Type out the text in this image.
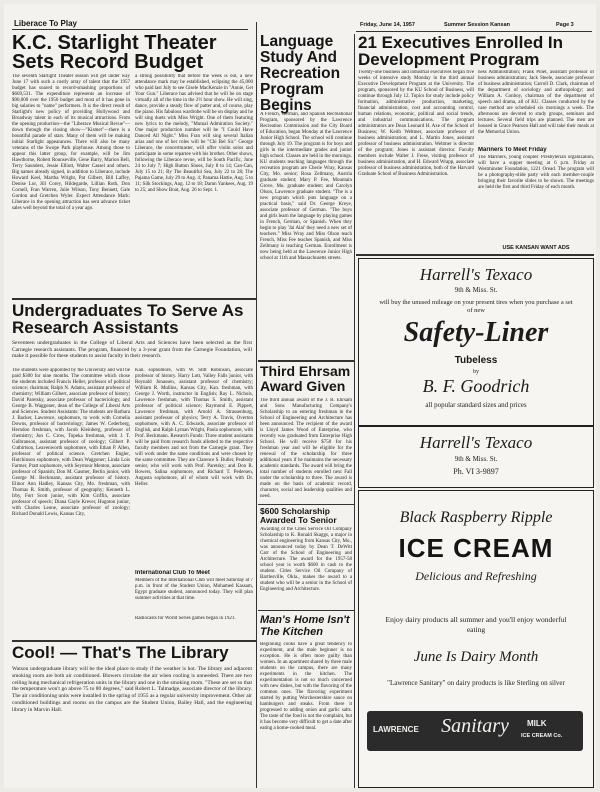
Liberace To Play	Friday, June 14, 1957	Summer Session Kansan	Page 3
K.C. Starlight Theater Sets Record Budget
The seventh Starlight Theater season will get under way June 17 with such a costly array of talent that the 1957 budget has soared to record-smashing proportions of $669,531. The expenditure represents an increase of $90,000 over the 1956 budget and most of it has gone in big salaries to "name" performers. It is the direct result of Starlight's new policy of providing Hollywood and Broadway talent in each of its musical attractions. From the opening production—the "Liberace Musical Revue"—down through the closing show—"Kismet"—there is a bountiful parade of stars. Many of them will be making initial Starlight appearances. There will also be many veterans of the Swope Park playhouse. Among those to appear this latter group, for example, will be Jim Hawthorne, Robert Rounseville, Gene Barry, Marion Bell, Terry Saunders, Jessie Elliott, Walter Cassel and others. Big names already signed, in addition to Liberace, include Howard Keel, Martha Wright, Pat Gilbert, Bill Laffey, Denise Lor, Jill Corey, Hildegarde, Lillian Roth, Don Cornell, Fran Warren, Julie Wilson, Tony Bennett, Gale Gordon and Gretchen Wyler. Expect Attendance Mark: Liberace in the opening attraction has sent advance ticket sales well beyond the total of a year ago.
a strong possibility that before the week is out, a new attendance mark may be established, eclipsing the 45,000 who paid last July to see Gisele MacKenzie in "Annie, Get Your Gun." Liberace has advised that he will be on stage virtually all of the time in the 2½ hour show. He will sing, dance, provide a steady flow of patter and, of course, play the piano. His fabulous wardrobe will be on display and he will sing duets with Miss Wright. One of them featuring new lyrics to the melody, "Mutual Admiration Society." One major production number will be "I Could Have Danced All Night." Miss Fran will sing several Italian arias and one of her roles will be "Chi Bel Sir." George Liberace, the concertmaster, will offer violin solos and participate in some repartee with his brother. Other shows, following the Liberace revue, will be South Pacific, June 24 to July 7; High Button Shoes, July 8 to 14; Can-Can, July 15 to 21; By The Beautiful Sea, July 22 to 28; The Pajama Game, July 29 to Aug. 4; Panama Hattie, Aug. 5 to 11; Silk Stockings, Aug. 12 to 18; Damn Yankees, Aug. 19 to 25; and Show Boat, Aug. 26 to Sept. 1.
Language Study And Recreation Program Begins
A French, German, and Spanish Recreational Program, sponsored by the Lawrence Recreation Commission and the City Board of Education, began Monday at the Lawrence Junior High School. The school will continue through July 19. The program is for boys and girls in the intermediate grades and junior high school. Classes are held in the mornings. KU students teaching languages through the recreation program are Cherie Wray, Kansas City, Mo. senior; Rosa Zellmany, Austria graduate student; Mary P. Fee, Mountain Grove, Mo. graduate student; and Carolyn Olson, Lawrence graduate student. "The is a new program which puts language on a practical basis," said Dr. George Kreye, associate professor of German. "The boys and girls learn the language by playing games in French, German, or Spanish. When they begin to play 'Jai Alai' they need a new set of teachers." Miss Wray and Miss Olson teach French, Miss Fee teaches Spanish, and Miss Zellmany is teaching German. Enrollment is now being held at the Lawrence Junior High school at 11th and Massachusetts streets.
21 Executives Enrolled In Development Program
Twenty-one business and industrial executives began five weeks of intensive study Monday in the third annual Executive Development Program at the University. The program, sponsored by the KU School of Business, will continue through July 12. Topics for study include policy formation, administrative production, marketing, financial administration, cost and accounting control, human relations, economic, political and social trends, and industrial communications. The program administrators are Dean Leonard H. Axe of the School of Business; W. Keith Weltmer, associate professor of business administration; and L. Martin Jones, assistant professor of business administration. Weltmer is director of the program; Jones is assistant director. Faculty members include Walter J. Frese, visiting professor of business administration, and H. Edward Wrapp, associate professor of business administration, both of the Harvard Graduate School of Business Administration.
ness Administration; Frank Pinet, assistant professor of business administration; Jack Steele, associate professor of business administration; Carroll D. Clark, chairman of the department of sociology and anthropology; and William A. Conboy, chairman of the department of speech and drama, all of KU. Classes conducted by the case method are scheduled six mornings a week. The afternoons are devoted to study groups, seminars and lectures. Several field trips are planned. The men are housed in Grace Pearson Hall and will take their meals at the Memorial Union.
Mariners To Meet Friday
The Mariners, young couples' Presbyterian organization, will have a supper meeting at 6 p.m. Friday at Westminster Foundation, 1221 Oread. The program will be a photography-slide party with each member-couple bringing their favorite slides to be shown. The meetings are held the first and third Friday of each month.
USE KANSAN WANT ADS
Undergraduates To Serve As Research Assistants
Seventeen undergraduates in the College of Liberal Arts and Sciences have been selected as the first Carnegie research assistants. The program, financed by a 3-year grant from the Carnegie Foundation, will make it possible for these students to assist faculty in their research.
The students were appointed by the University and will be paid $300 for nine months. The committee which chose the students included Francis Heller, professor of political science; chairman; Ralph N. Adams, assistant professor of chemistry; William Gilbert, associate professor of history; David Paretsky, associate professor of bacteriology, and George B. Waggoner, dean of the College of Liberal Arts and Sciences. Student Assistants: The students are Barbara J. Backer, Lawrence, sophomore, to work with Cornelia Downs, professor of bacteriology; James W. Cederberg, Herndon freshman, with Jacob Kleinberg, professor of chemistry; Jon C. Crow, Topeka freshman, with J. T. Gulbranson, assistant professor of zoology; Gilbert P. Cutbirtson, Leavenworth sophomore, with Ethan P. Allen, professor of political science. Gretchen Engler, Hutchinson sophomore, with Dean Waggoner; Linda Lois Farmer, Pratt sophomore, with Seymour Menton, associate professor of Spanish; Don M. Gasmer, Berlin junior, with George M. Beckmann, assistant professor of history. Elinor Ann Hadley, Kansas City, Mo. freshman, with Thomas R. Smith, professor of geography; Kenneth L. Irby, Fort Scott junior, with Kim Griffin, associate professor of speech; Diana Gayle Krever, Hugoton junior, with Charles Leone, associate professor of zoology; Richard Donald Lewis, Kansas City,
Kan. sophomore, with W. Stitt Robinson, associate professor of history. Harry Lott, Valley Falls junior, with Reynald Jonassen, assistant professor of chemistry; William R. Mullins, Kansas City, Kan. freshman, with George J. Worth, instructor in English; Ray L. Nichols, Lawrence freshman, with Thomas S. Smith, assistant professor of political science; Raymond E. Pippert, Lawrence freshman, with Arnold A. Strassenburg, assistant professor of physics; Terry A. Travis, Overton sophomore, with A. C. Edwards, associate professor of English, and Ralph Lyman Wright, Paola sophomore, with Prof. Beckmann. Research Funds: Three student assistants will be paid from research funds allotted to the respective faculty members and not from the Carnegie grant. They will work under the same conditions and were chosen by the same committee. They are Clarence S. Buller, Peabody senior, who will work with Prof. Paretsky; and Don R. Bowers, Salina sophomore, and Richard T. Pedersen, Augusta sophomore, all of whom will work with Dr. Heller.
International Club To Meet
Members of the International Club will meet Saturday at 7 p.m. in front of the Student Union, Mohamed Kassam, Egypt graduate student, announced today. They will plan summer activities at that time.
Radiocasts for World Series games began in 1921.
Cool! — That's The Library
Watson undergraduate library will be the ideal place to study if the weather is hot. The library and adjacent smoking room are both air conditioned. Blowers circulate the air when cooling is unneeded. There are two ceiling hung mechanical refrigeration units in the library and one in the smoking room. "These are set so that the temperature won't go above 75 to 80 degrees," said Robert L. Talmadge, associate director of the library. The air conditioning units were installed in the spring of 1955 as a regular university improvement. Other air conditioned buildings and rooms on the campus are the Student Union, Bailey Hall, and the engineering library in Marvin Hall.
Third Ehrsam Award Given
The third annual award of the J. B. Ehrsam and Sons Manufacturing Company's Scholarship to an entering freshman in the School of Engineering and Architecture has been announced. The recipient of the award is Lloyd James Wood of Enterprise, who recently was graduated from Enterprise High School. He will receive $750 for his freshman year and will be eligible for the renewal of the scholarship for three additional years if he maintains the necessary academic standards. The award will bring the total number of students enrolled next Fall under the scholarship to three. The award is made on the basis of academic record, character, social and leadership qualities and need.
$600 Scholarship Awarded To Senior
Awarding of the Cities Service Oil Company Scholarship to K. Ronald Skaggs, a major in chemical engineering from Kansas City, Mo., was announced today by Dean T. DeWitt Carr of the School of Engineering and Architecture. The award for the 1957-58 school year is worth $600 in cash to the student. Cities Service Oil Company of Bartlesville, Okla., makes the award to a student who will be a senior in the School of Engineering and Architecture.
Man's Home Isn't The Kitchen
Beginning cooks have a great tendency to experiment, and the male beginner is no exception. He is often more guilty than women. In an apartment shared by three male students on the campus, there are many experiments in the kitchen. The experimentation is not so much concerned with new dishes, but with the flavoring of the common ones. The flavoring experiment started by putting Worchestershire sauce on hamburgers and steaks. From there it progressed to adding onion and garlic salts. The taste of the food is not the complaint, but it has become very difficult to get a date after eating a home-cooked meal.
Harrell's Texaco
9th & Miss. St.
will buy the unused mileage on your present tires when you purchase a set of new
Safety-Liner
Tubeless
by
B. F. Goodrich
all popular standard sizes and prices
Harrell's Texaco
9th & Miss. St.
Ph. VI 3-9897
Black Raspberry Ripple
ICE CREAM
Delicious and Refreshing
Enjoy dairy products all summer and you'll enjoy wonderful eating
June Is Dairy Month
"Lawrence Sanitary" on dairy products is like Sterling on silver
LAWRENCE	Sanitary	MILK
ICE CREAM Co.
